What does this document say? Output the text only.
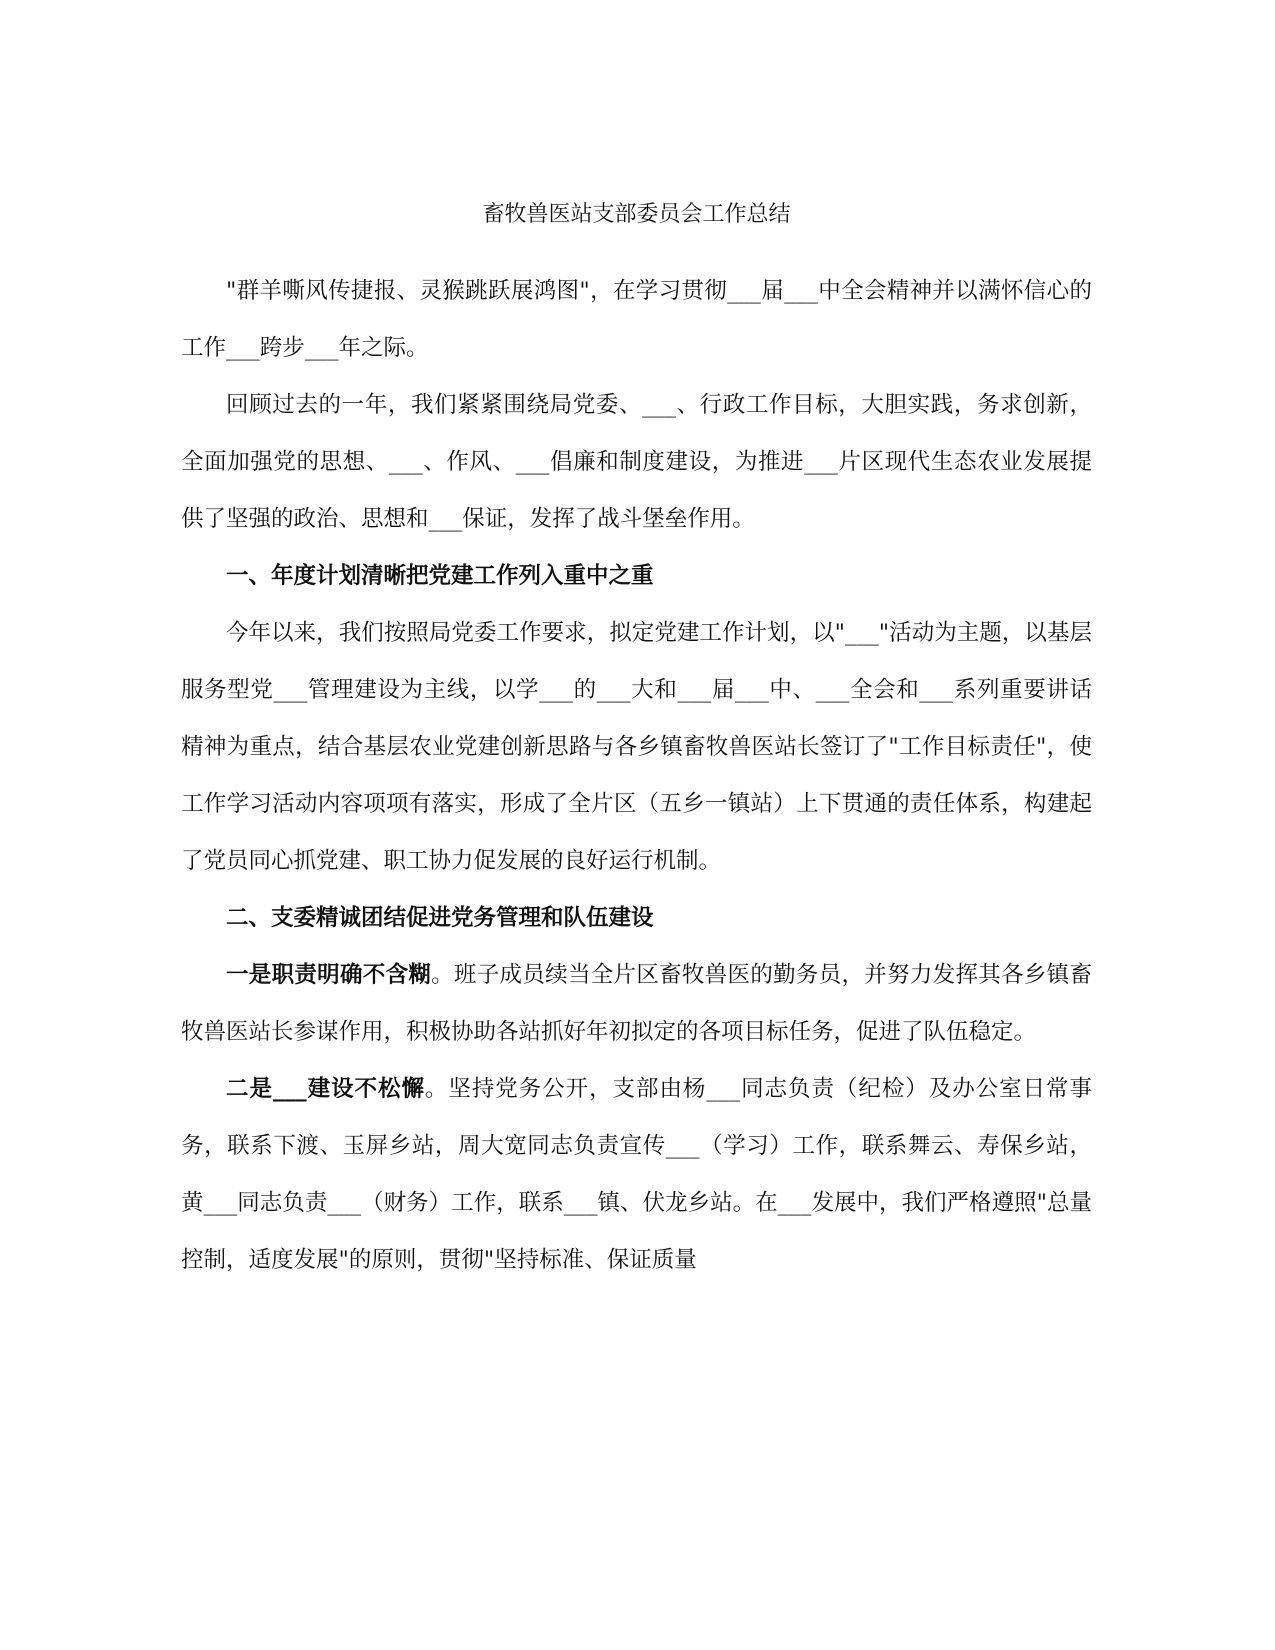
畜牧兽医站支部委员会工作总结

"群羊嘶风传捷报、灵猴跳跃展鸿图"，在学习贯彻___届___中全会精神并以满怀信心的工作___跨步___年之际。

回顾过去的一年，我们紧紧围绕局党委、___、行政工作目标，大胆实践，务求创新，全面加强党的思想、___、作风、___倡廉和制度建设，为推进___片区现代生态农业发展提供了坚强的政治、思想和___保证，发挥了战斗堡垒作用。

一、年度计划清晰把党建工作列入重中之重

今年以来，我们按照局党委工作要求，拟定党建工作计划，以"___"活动为主题，以基层服务型党___管理建设为主线，以学___的___大和___届___中、___全会和___系列重要讲话精神为重点，结合基层农业党建创新思路与各乡镇畜牧兽医站长签订了"工作目标责任"，使工作学习活动内容项项有落实，形成了全片区（五乡一镇站）上下贯通的责任体系，构建起了党员同心抓党建、职工协力促发展的良好运行机制。

二、支委精诚团结促进党务管理和队伍建设

一是职责明确不含糊。班子成员续当全片区畜牧兽医的勤务员，并努力发挥其各乡镇畜牧兽医站长参谋作用，积极协助各站抓好年初拟定的各项目标任务，促进了队伍稳定。

二是___建设不松懈。坚持党务公开，支部由杨___同志负责（纪检）及办公室日常事务，联系下渡、玉屏乡站，周大宽同志负责宣传___（学习）工作，联系舞云、寿保乡站，黄___同志负责___（财务）工作，联系___镇、伏龙乡站。在___发展中，我们严格遵照"总量控制，适度发展"的原则，贯彻"坚持标准、保证质量
